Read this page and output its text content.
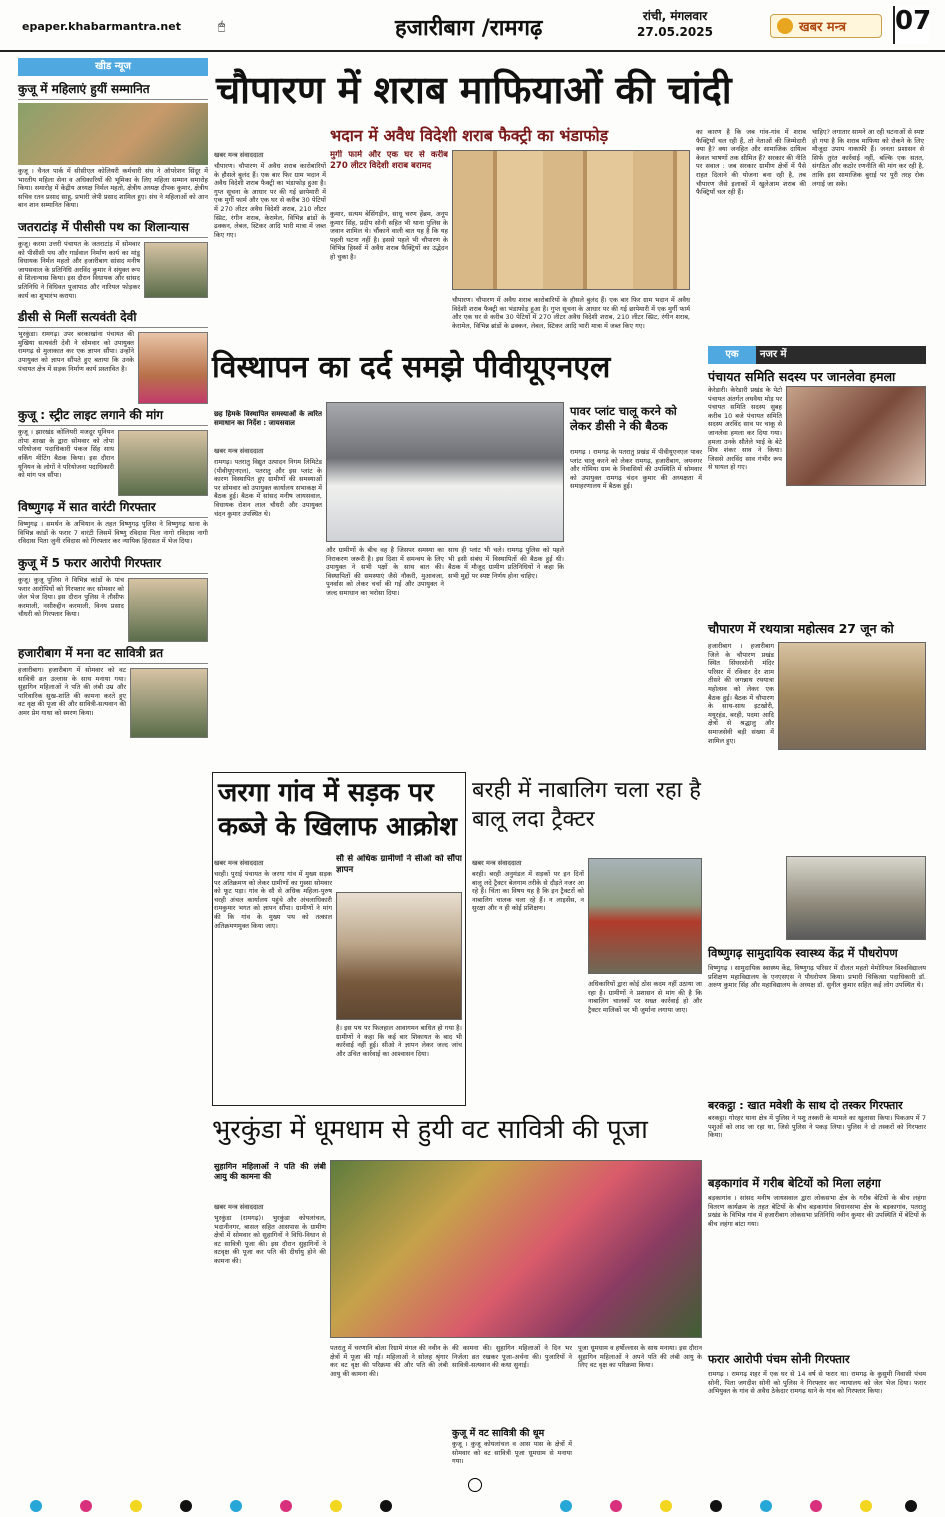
epaper.khabarmantra.net	🖱	हजारीबाग /रामगढ़	रांची, मंगलवार
27.05.2025	खबर मन्त्र 07
खीड न्यूज
कुजू में महिलाएं हुयीं सम्मानित
कुजू । चैनल पार्क में सीसीएल कोलियरी कर्मचारी संघ ने ऑपरेशन सिंदूर में भारतीय महिला सेना व अधिकारियों की भूमिका के लिए महिला सम्मान समारोह किया। समारोह में केंद्रीय अध्यक्ष निर्मल महतो, क्षेत्रीय अध्यक्ष दीपक कुमार, क्षेत्रीय सचिव रतन प्रसाद साहू, प्रभारी जेपी प्रसाद शामिल हुए। संघ ने महिलाओं को आन बान शान सम्मानित किया।
जतराटांड़ में पीसीसी पथ का शिलान्यास
कुजू। करमा उत्तरी पंचायत के जतराटांड़ में सोमवार को पीसीसी पथ और गार्डवाल निर्माण कार्य का मांडू विधायक निर्मल महतो और हजारीबाग सांसद मनीष जायसवाल के प्रतिनिधि अरविंद कुमार ने संयुक्त रूप से शिलान्यास किया। इस दौरान विधायक और सांसद प्रतिनिधि ने विधिवत पूजापाठ और नारियल फोड़कर कार्य का शुभारंभ कराया।
डीसी से मिलीं सत्यवंती देवी
भुरकुंडा। रामगढ़। उपर बरकाखांना पंचायत की मुखिया सत्यवंती देवी ने सोमवार को उपायुक्त रामगढ़ से मुलाकात कर एक ज्ञापन सौंपा। उन्होंने उपायुक्त को ज्ञापन सौंपते हुए बताया कि उनके पंचायत क्षेत्र में सड़क निर्माण कार्य प्रस्तावित है।
कुजू : स्ट्रीट लाइट लगाने की मांग
कुजू । झारखंड कोलियरी मजदूर यूनियन तोपा शाखा के द्वारा सोमवार को तोपा परियोजना पदाधिकारी पंकज सिंह साथ वर्किंग मीटिंग बैठक किया। इस दौरान यूनियन के लोगों ने परियोजना पदाधिकारी को मांग पत्र सौंपा।
विष्णुगढ़ में सात वारंटी गिरफ्तार
विष्णुगढ़ । समर्थन के अभियान के तहत विष्णुगढ़ पुलिस ने विष्णुगढ़ थाना के विभिन्न कांडों के फरार 7 वारंटी जिसमें विष्णु रविदास पिता नागो रविदास नागी रविदास पिता जुनी रविदास को गिरफ्तार कर न्यायिक हिरासत में भेज दिया।
कुजू में 5 फरार आरोपी गिरफ्तार
कुजू। कुजू पुलिस ने विभिन्न कांडों के पांच फरार आरोपियों को गिरफ्तार कर सोमवार को जेल भेज दिया। इस दौरान पुलिस ने तौसीफ करमाली, नसीरुद्दीन करमाली, विनय प्रसाद चौधरी को गिरफ्तार किया।
हजारीबाग में मना वट सावित्री व्रत
हजारीबाग। हजारीबाग में सोमवार को वट सावित्री व्रत उल्लास के साथ मनाया गया। सुहागिन महिलाओं ने पति की लंबी उम्र और पारिवारिक सुख-शांति की कामना करते हुए वट वृक्ष की पूजा की और सावित्री-सत्यवान की अमर प्रेम गाथा को स्मरण किया।
चौपारण में शराब माफियाओं की चांदी
भदान में अवैध विदेशी शराब फैक्ट्री का भंडाफोड़
खबर मन्त्र संवाददाता
चौपारण। चौपारण में अवैध शराब कारोबारियों के हौसले बुलंद हैं। एक बार फिर ग्राम भदान में अवैध विदेशी शराब फैक्ट्री का भंडाफोड़ हुआ है। गुप्त सूचना के आधार पर की गई छापेमारी में एक मुर्गी फार्म और एक घर से करीब 30 पेटियों में 270 लीटर अवैध विदेशी शराब, 210 लीटर स्प्रिट, रंगीन शराब, केरामेल, विभिन्न ब्रांडों के ढक्कन, लेबल, स्टिकर आदि भारी मात्रा में जब्त किए गए।
मुर्गी फार्म और एक घर से करीब 270 लीटर विदेशी शराब बरामद
कुमार, सत्यम बेसिंगड़ीन, साधू चरण हेंब्रम, अनूप कुमार सिंह, प्रदीप सोनी सहित भी थाना पुलिस के जवान शामिल थे। चौंकाने वाली बात यह है कि यह पहली घटना नहीं है। इससे पहले भी चौपारण के विभिन्न हिस्सों में अवैध शराब फैक्ट्रियों का उद्भेदन हो चुका है।
चौपारण। चौपारण में अवैध शराब कारोबारियों के हौसले बुलंद हैं। एक बार फिर ग्राम भदान में अवैध विदेशी शराब फैक्ट्री का भंडाफोड़ हुआ है। गुप्त सूचना के आधार पर की गई छापेमारी में एक मुर्गी फार्म और एक घर से करीब 30 पेटियों में 270 लीटर अवैध विदेशी शराब, 210 लीटर स्प्रिट, रंगीन शराब, केरामेल, विभिन्न ब्रांडों के ढक्कन, लेबल, स्टिकर आदि भारी मात्रा में जब्त किए गए।
का कारण है कि जब गांव-गांव में शराब फैक्ट्रियाँ चल रही हैं, तो नेताओं की जिम्मेदारी क्या है? क्या जनहित और सामाजिक दायित्व केवल भाषणों तक सीमित हैं? सरकार की नीति पर सवाल : जब सरकार ग्रामीण क्षेत्रों में पैसे राहत दिलाने की योजना बना रही है, तब चौपारण जैसे इलाकों में खुलेआम शराब की फैक्ट्रियाँ चल रही हैं।
चाहिए? लगातार सामने आ रही घटनाओं से स्पष्ट हो गया है कि शराब माफिया को रोकने के लिए मौजूदा उपाय नाकाफी हैं। जनता प्रशासन से सिर्फ तुरंत कार्रवाई नहीं, बल्कि एक सतत, संगठित और कठोर रणनीति की मांग कर रही है, ताकि इस सामाजिक बुराई पर पूरी तरह रोक लगाई जा सके।
विस्थापन का दर्द समझे पीवीयूएनएल
छह हिमके विस्थापित समस्याओं के त्वरित समाधान का निर्देश : जायसवाल
खबर मन्त्र संवाददाता
रामगढ़। पतरातु विद्युत उत्पादन निगम लिमिटेड (पीवीयूएनएल), पतरातु और इस प्लांट के कारण विस्थापित हुए ग्रामीणों की समस्याओं पर सोमवार को उपायुक्त कार्यालय सभाकक्ष में बैठक हुई। बैठक में सांसद मनीष जायसवाल, विधायक रोशन लाल चौधरी और उपायुक्त चंदन कुमार उपस्थित थे।
और ग्रामीणों के बीच वह है जिसपर समस्या का निराकरण जरूरी है। इस दिशा में समन्वय के लिए उपायुक्त ने सभी पक्षों के साथ बात की। विस्थापितों की समस्याएं जैसे नौकरी, मुआवजा, पुनर्वास को लेकर चर्चा की गई और उपायुक्त ने जल्द समाधान का भरोसा दिया।
साथ ही प्लांट भी चले। रामगढ़ पुलिस को पहले भी इसी संबंध में विस्थापितों की बैठक हुई थी। बैठक में मौजूद ग्रामीण प्रतिनिधियों ने कहा कि सभी मुद्दों पर स्पष्ट निर्णय होना चाहिए।
पावर प्लांट चालू करने को लेकर डीसी ने की बैठक
रामगढ़ । रामगढ़ के पतरातु प्रखंड में पीवीयूएनएल पावर प्लांट चालू करने को लेकर रामगढ़, हजारीबाग, जयनगर और गोमिया ग्राम के निवासियों की उपस्थिति में सोमवार को उपायुक्त रामगढ़ चंदन कुमार की अध्यक्षता में समाहरणालय में बैठक हुई।
एक	नजर में
पंचायत समिति सदस्य पर जानलेवा हमला
केरेडारी। केरेडारी प्रखंड के पेटो पंचायत अंतर्गत लघवैया मोड़ पर पंचायत समिति सदस्य सुबह करीब 10 बजे पंचायत समिति सदस्य अरविंद साव पर चाकू से जानलेवा हमला कर दिया गया। हमला उनके सौतेले भाई के बेटे शिव शंकर साव ने किया। जिससे अरविंद साव गंभीर रूप से घायल हो गए।
चौपारण में रथयात्रा महोत्सव 27 जून को
हजारीबाग । हजारीबाग जिले के चौपारण प्रखंड स्थित सिंघरसोनी मंदिर परिसर में रविवार देर शाम तीसरे की जगन्नाथ रथयात्रा महोत्सव को लेकर एक बैठक हुई। बैठक में चौपारण के साथ-साथ इटखोरी, मयूरहंड, बरही, पदमा आदि क्षेत्रों से श्रद्धालु और समाजसेवी बड़ी संख्या में शामिल हुए।
विष्णुगढ़ सामुदायिक स्वास्थ्य केंद्र में पौधरोपण
विष्णुगढ़ । सामुदायिक स्वास्थ्य केंद्र, विष्णुगढ़ परिसर में दौलत महतो मेमोरियल विश्वविद्यालय प्रशिक्षण महाविद्यालय के एनएसएस ने पौधरोपण किया। प्रभारी चिकित्सा पदाधिकारी डॉ. अरुण कुमार सिंह और महाविद्यालय के अध्यक्ष डॉ. सुनील कुमार सहित कई लोग उपस्थित थे।
बरकट्ठा : खात मवेशी के साथ दो तस्कर गिरफ्तार
बरकट्ठा। गोरहर थाना क्षेत्र में पुलिस ने पशु तस्करी के मामले का खुलासा किया। पिकअप में 7 पशुओं को लाद जा रहा था, जिसे पुलिस ने पकड़ लिया। पुलिस ने दो तस्करों को गिरफ्तार किया।
बड़कागांव में गरीब बेटियों को मिला लहंगा
बड़कागांव । सांसद मनीष जायसवाल द्वारा लोकसभा क्षेत्र के गरीब बेटियों के बीच लहंगा वितरण कार्यक्रम के तहत बेटियों के बीच बड़कागांव विधानसभा क्षेत्र के बड़कागांव, पतरातु प्रखंड के विभिन्न गांव में हजारीबाग लोकसभा प्रतिनिधि नवीन कुमार की उपस्थिति में बेटियों के बीच लहंगा बांटा गया।
फरार आरोपी पंचम सोनी गिरफ्तार
रामगढ़ । रामगढ़ शहर में एक घर से 14 वर्ष से फरार था। रामगढ़ के कुसुमी निवासी पंचम सोनी, पिता जगदीश सोनी को पुलिस ने गिरफ्तार कर न्यायालय को जेल भेज दिया। फरार अभियुक्त के गांव से अवैध ठेकेदार रामगढ़ थाने के गांव को गिरफ्तार किया।
जरगा गांव में सड़क पर कब्जे के खिलाफ आक्रोश
खबर मन्त्र संवाददाता
चरही। पुराई पंचायत के जरगा गांव में मुख्य सड़क पर अतिक्रमण को लेकर ग्रामीणों का गुस्सा सोमवार को फूट पड़ा। गांव के सौ से अधिक महिला-पुरुष चरही अंचल कार्यालय पहुंचे और अंचलाधिकारी रामकुमार भगत को ज्ञापन सौंपा। ग्रामीणों ने मांग की कि गांव के मुख्य पथ को तत्काल अतिक्रमणमुक्त किया जाए।
सौ से अधिक ग्रामीणों ने सीओ को सौंपा ज्ञापन
है। इस पथ पर फिलहाल आवागमन बाधित हो गया है। ग्रामीणों ने कहा कि कई बार शिकायत के बाद भी कार्रवाई नहीं हुई। सीओ ने ज्ञापन लेकर जल्द जांच और उचित कार्रवाई का आश्वासन दिया।
बरही में नाबालिग चला रहा है बालू लदा ट्रैक्टर
खबर मन्त्र संवाददाता
बरही। बरही अनुमंडल में सड़कों पर इन दिनों बालू लदे ट्रैक्टर बेलगाम तरीके से दौड़ते नजर आ रहे हैं। चिंता का विषय यह है कि इन ट्रैक्टरों को नाबालिग चालक चला रहे हैं। न लाइसेंस, न सुरक्षा और न ही कोई प्रशिक्षण।
अधिकारियों द्वारा कोई ठोस कदम नहीं उठाया जा रहा है। ग्रामीणों ने प्रशासन से मांग की है कि नाबालिग चालकों पर सख्त कार्रवाई हो और ट्रैक्टर मालिकों पर भी जुर्माना लगाया जाए।
भुरकुंडा में धूमधाम से हुयी वट सावित्री की पूजा
सुहागिन महिलाओं ने पति की लंबी आयु की कामना की
खबर मन्त्र संवाददाता
भुरकुंडा (रामगढ़)। भुरकुंडा कोयलांचल, भदानीनगर, बासल सहित आसपास के ग्रामीण क्षेत्रों में सोमवार को सुहागिनों ने विधि-विधान से वट सावित्री पूजा की। इस दौरान सुहागिनों ने वटवृक्ष की पूजा कर पति की दीर्घायु होने की कामना की।
पतरातु में चरणानि बोला रिग्रामे मंगल की नवीन के क्षेत्रों में पूजा की गई। महिलाओं ने सोलह श्रृंगार कर वट वृक्ष की परिक्रमा की और पति की लंबी आयु की कामना की।
की कामना की। सुहागिन महिलाओं ने दिन भर निर्जला व्रत रखकर पूजा-अर्चना की। पुजारियों ने सावित्री-सत्यवान की कथा सुनाई।
कुजू में वट सावित्री की धूम
कुजू । कुजू कोयलांचल व आस पास के क्षेत्रों में सोमवार को वट सावित्री पूजा धूमधाम से मनाया गया।
पूजा धूमधाम व हर्षोल्लास के साथ मनाया। इस दौरान सुहागिन महिलाओं ने अपने पति की लंबी आयु के लिए वट वृक्ष का परिक्रमा किया।
